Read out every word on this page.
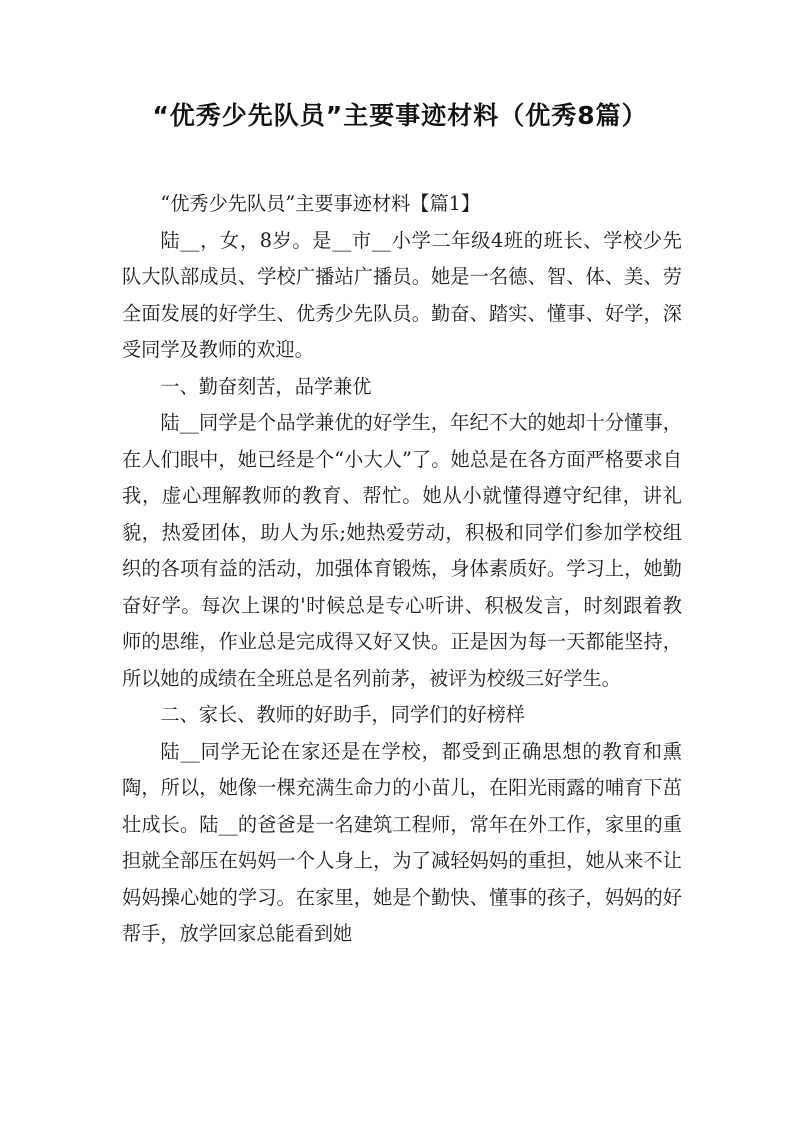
“优秀少先队员”主要事迹材料（优秀8篇）

“优秀少先队员”主要事迹材料【篇1】

陆__，女，8岁。是__市__小学二年级4班的班长、学校少先队大队部成员、学校广播站广播员。她是一名德、智、体、美、劳全面发展的好学生、优秀少先队员。勤奋、踏实、懂事、好学，深受同学及教师的欢迎。

一、勤奋刻苦，品学兼优

陆__同学是个品学兼优的好学生，年纪不大的她却十分懂事，在人们眼中，她已经是个“小大人”了。她总是在各方面严格要求自我，虚心理解教师的教育、帮忙。她从小就懂得遵守纪律，讲礼貌，热爱团体，助人为乐;她热爱劳动，积极和同学们参加学校组织的各项有益的活动，加强体育锻炼，身体素质好。学习上，她勤奋好学。每次上课的'时候总是专心听讲、积极发言，时刻跟着教师的思维，作业总是完成得又好又快。正是因为每一天都能坚持，所以她的成绩在全班总是名列前茅，被评为校级三好学生。

二、家长、教师的好助手，同学们的好榜样

陆__同学无论在家还是在学校，都受到正确思想的教育和熏陶，所以，她像一棵充满生命力的小苗儿，在阳光雨露的哺育下茁壮成长。陆__的爸爸是一名建筑工程师，常年在外工作，家里的重担就全部压在妈妈一个人身上，为了减轻妈妈的重担，她从来不让妈妈操心她的学习。在家里，她是个勤快、懂事的孩子，妈妈的好帮手，放学回家总能看到她
